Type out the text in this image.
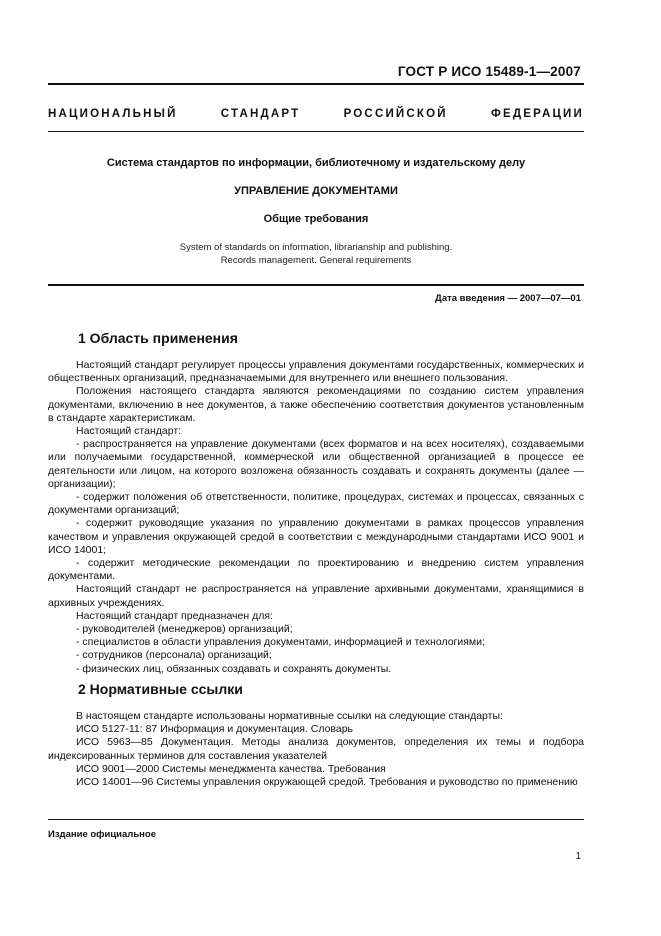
ГОСТ Р ИСО 15489-1—2007
НАЦИОНАЛЬНЫЙ СТАНДАРТ РОССИЙСКОЙ ФЕДЕРАЦИИ
Система стандартов по информации, библиотечному и издательскому делу
УПРАВЛЕНИЕ ДОКУМЕНТАМИ
Общие требования
System of standards on information, librarianship and publishing.
Records management. General requirements
Дата введения — 2007—07—01
1 Область применения

Настоящий стандарт регулирует процессы управления документами государственных, коммерческих и общественных организаций, предназначаемыми для внутреннего или внешнего пользования.

Положения настоящего стандарта являются рекомендациями по созданию систем управления документами, включению в нее документов, а также обеспечению соответствия документов установленным в стандарте характеристикам.

Настоящий стандарт:

- распространяется на управление документами (всех форматов и на всех носителях), создаваемыми или получаемыми государственной, коммерческой или общественной организацией в процессе ее деятельности или лицом, на которого возложена обязанность создавать и сохранять документы (далее — организации);

- содержит положения об ответственности, политике, процедурах, системах и процессах, связанных с документами организаций;

- содержит руководящие указания по управлению документами в рамках процессов управления качеством и управления окружающей средой в соответствии с международными стандартами ИСО 9001 и ИСО 14001;

- содержит методические рекомендации по проектированию и внедрению систем управления документами.

Настоящий стандарт не распространяется на управление архивными документами, хранящимися в архивных учреждениях.

Настоящий стандарт предназначен для:

- руководителей (менеджеров) организаций;

- специалистов в области управления документами, информацией и технологиями;

- сотрудников (персонала) организаций;

- физических лиц, обязанных создавать и сохранять документы.

2 Нормативные ссылки

В настоящем стандарте использованы нормативные ссылки на следующие стандарты:

ИСО 5127-11: 87 Информация и документация. Словарь

ИСО 5963—85 Документация. Методы анализа документов, определения их темы и подбора индексированных терминов для составления указателей

ИСО 9001—2000 Системы менеджмента качества. Требования

ИСО 14001—96 Системы управления окружающей средой. Требования и руководство по применению

Издание официальное
1
